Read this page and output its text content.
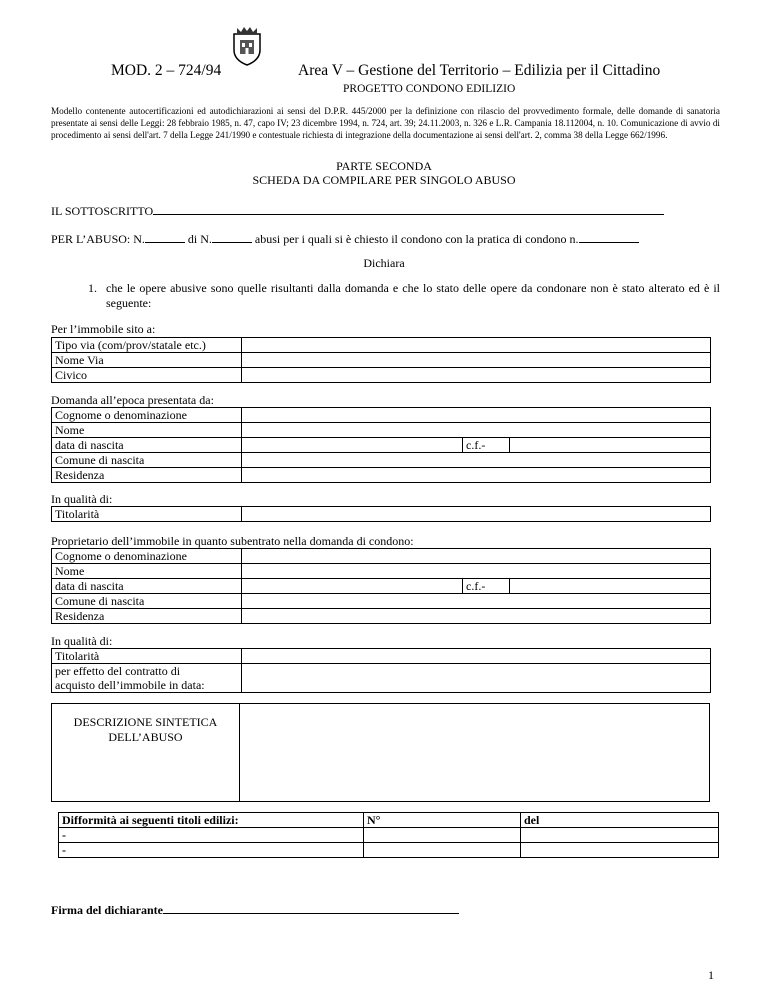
MOD. 2 – 724/94	Area V – Gestione del Territorio – Edilizia per il Cittadino
PROGETTO CONDONO EDILIZIO
Modello contenente autocertificazioni ed autodichiarazioni ai sensi del D.P.R. 445/2000 per la definizione con rilascio del provvedimento formale, delle domande di sanatoria presentate ai sensi delle Leggi: 28 febbraio 1985, n. 47, capo IV; 23 dicembre 1994, n. 724, art. 39; 24.11.2003, n. 326 e L.R. Campania 18.112004, n. 10. Comunicazione di avvio di procedimento ai sensi dell'art. 7 della Legge 241/1990 e contestuale richiesta di integrazione della documentazione ai sensi dell'art. 2, comma 38 della Legge 662/1996.
PARTE SECONDA
SCHEDA DA COMPILARE PER SINGOLO ABUSO
IL SOTTOSCRITTO
PER L’ABUSO: N.	di N.	abusi per i quali si è chiesto il condono con la pratica di condono n.
Dichiara
1. che le opere abusive sono quelle risultanti dalla domanda e che lo stato delle opere da condonare non è stato alterato ed è il seguente:
Per l’immobile sito a:
Tipo via (com/prov/statale etc.)	
Nome Via	
Civico	
Domanda all’epoca presentata da:
Cognome o denominazione			
Nome			
data di nascita		c.f.-	
Comune di nascita			
Residenza			
In qualità di:
Titolarità	
Proprietario dell’immobile in quanto subentrato nella domanda di condono:
Cognome o denominazione			
Nome			
data di nascita		c.f.-	
Comune di nascita			
Residenza			
In qualità di:
Titolarità	
per effetto del contratto di	
acquisto dell’immobile in data:	
DESCRIZIONE SINTETICA
DELL’ABUSO
Difformità ai seguenti titoli edilizi:	N°	del
-		
-		
Firma del dichiarante
1
